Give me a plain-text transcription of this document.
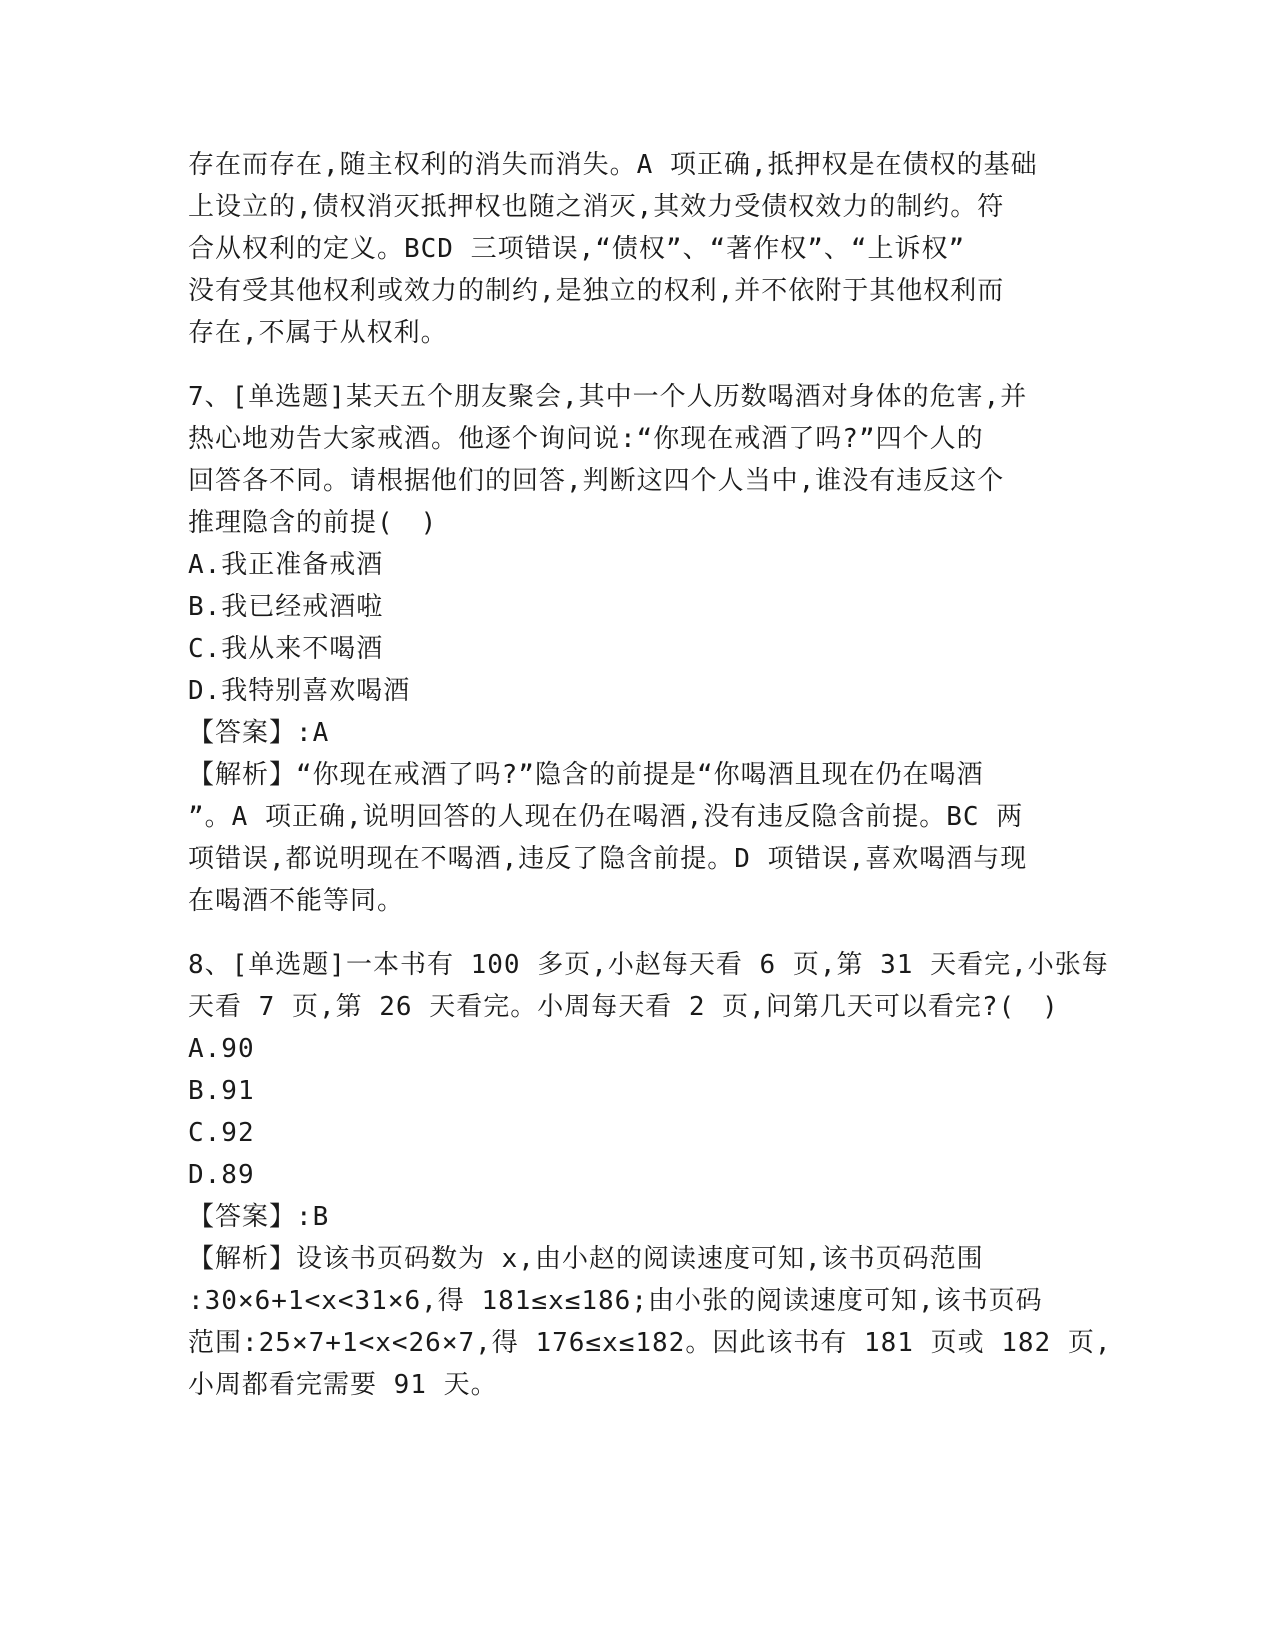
存在而存在,随主权利的消失而消失。A 项正确,抵押权是在债权的基础
上设立的,债权消灭抵押权也随之消灭,其效力受债权效力的制约。符
合从权利的定义。BCD 三项错误,“债权”、“著作权”、“上诉权”
没有受其他权利或效力的制约,是独立的权利,并不依附于其他权利而
存在,不属于从权利。
7、[单选题]某天五个朋友聚会,其中一个人历数喝酒对身体的危害,并
热心地劝告大家戒酒。他逐个询问说:“你现在戒酒了吗?”四个人的
回答各不同。请根据他们的回答,判断这四个人当中,谁没有违反这个
推理隐含的前提(　)
A.我正准备戒酒
B.我已经戒酒啦
C.我从来不喝酒
D.我特别喜欢喝酒
【答案】:A
【解析】“你现在戒酒了吗?”隐含的前提是“你喝酒且现在仍在喝酒
”。A 项正确,说明回答的人现在仍在喝酒,没有违反隐含前提。BC 两
项错误,都说明现在不喝酒,违反了隐含前提。D 项错误,喜欢喝酒与现
在喝酒不能等同。
8、[单选题]一本书有 100 多页,小赵每天看 6 页,第 31 天看完,小张每
天看 7 页,第 26 天看完。小周每天看 2 页,问第几天可以看完?(　)
A.90
B.91
C.92
D.89
【答案】:B
【解析】设该书页码数为 x,由小赵的阅读速度可知,该书页码范围
:30×6+1<x<31×6,得 181≤x≤186;由小张的阅读速度可知,该书页码
范围:25×7+1<x<26×7,得 176≤x≤182。因此该书有 181 页或 182 页,
小周都看完需要 91 天。
